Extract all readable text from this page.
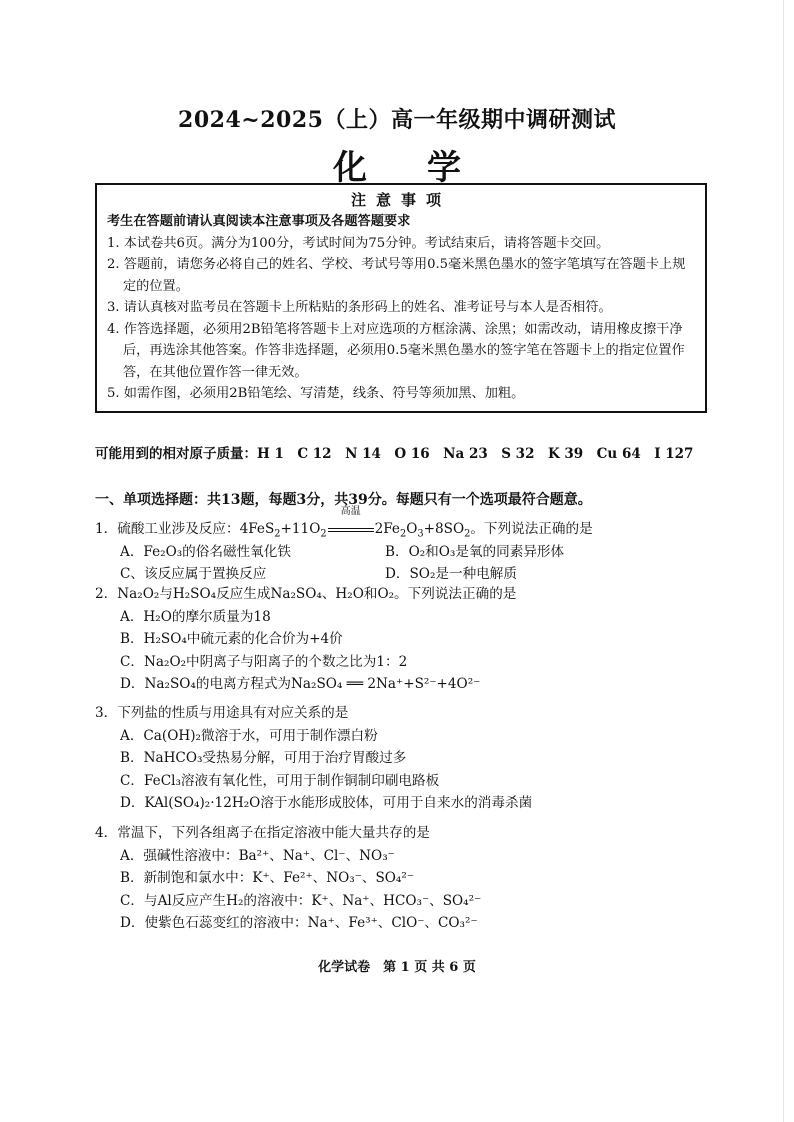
2024~2025（上）高一年级期中调研测试
化学
注意事项
考生在答题前请认真阅读本注意事项及各题答题要求
1. 本试卷共6页。满分为100分，考试时间为75分钟。考试结束后，请将答题卡交回。
2. 答题前，请您务必将自己的姓名、学校、考试号等用0.5毫米黑色墨水的签字笔填写在答题卡上规定的位置。
3. 请认真核对监考员在答题卡上所粘贴的条形码上的姓名、准考证号与本人是否相符。
4. 作答选择题，必须用2B铅笔将答题卡上对应选项的方框涂满、涂黑；如需改动，请用橡皮擦干净后，再选涂其他答案。作答非选择题，必须用0.5毫米黑色墨水的签字笔在答题卡上的指定位置作答，在其他位置作答一律无效。
5. 如需作图，必须用2B铅笔绘、写清楚，线条、符号等须加黑、加粗。
可能用到的相对原子质量：H 1　C 12　N 14　O 16　Na 23　S 32　K 39　Cu 64　I 127
一、单项选择题：共13题，每题3分，共39分。每题只有一个选项最符合题意。
1．硫酸工业涉及反应：$4FeS_2+11O_2$
高温
$2Fe_2O_3+8SO_2$。下列说法正确的是
A．Fe₂O₃的俗名磁性氧化铁	B．O₂和O₃是氧的同素异形体
C、该反应属于置换反应	D．SO₂是一种电解质
2．Na₂O₂与H₂SO₄反应生成Na₂SO₄、H₂O和O₂。下列说法正确的是
A．H₂O的摩尔质量为18
B．H₂SO₄中硫元素的化合价为+4价
C．Na₂O₂中阴离子与阳离子的个数之比为1：2
D．Na₂SO₄的电离方程式为Na₂SO₄ ══ 2Na⁺+S²⁻+4O²⁻
3．下列盐的性质与用途具有对应关系的是
A．Ca(OH)₂微溶于水，可用于制作漂白粉
B．NaHCO₃受热易分解，可用于治疗胃酸过多
C．FeCl₃溶液有氧化性，可用于制作铜制印刷电路板
D．KAl(SO₄)₂·12H₂O溶于水能形成胶体，可用于自来水的消毒杀菌
4．常温下，下列各组离子在指定溶液中能大量共存的是
A．强碱性溶液中：Ba²⁺、Na⁺、Cl⁻、NO₃⁻
B．新制饱和氯水中：K⁺、Fe²⁺、NO₃⁻、SO₄²⁻
C．与Al反应产生H₂的溶液中：K⁺、Na⁺、HCO₃⁻、SO₄²⁻
D．使紫色石蕊变红的溶液中：Na⁺、Fe³⁺、ClO⁻、CO₃²⁻
化学试卷　第 1 页 共 6 页
